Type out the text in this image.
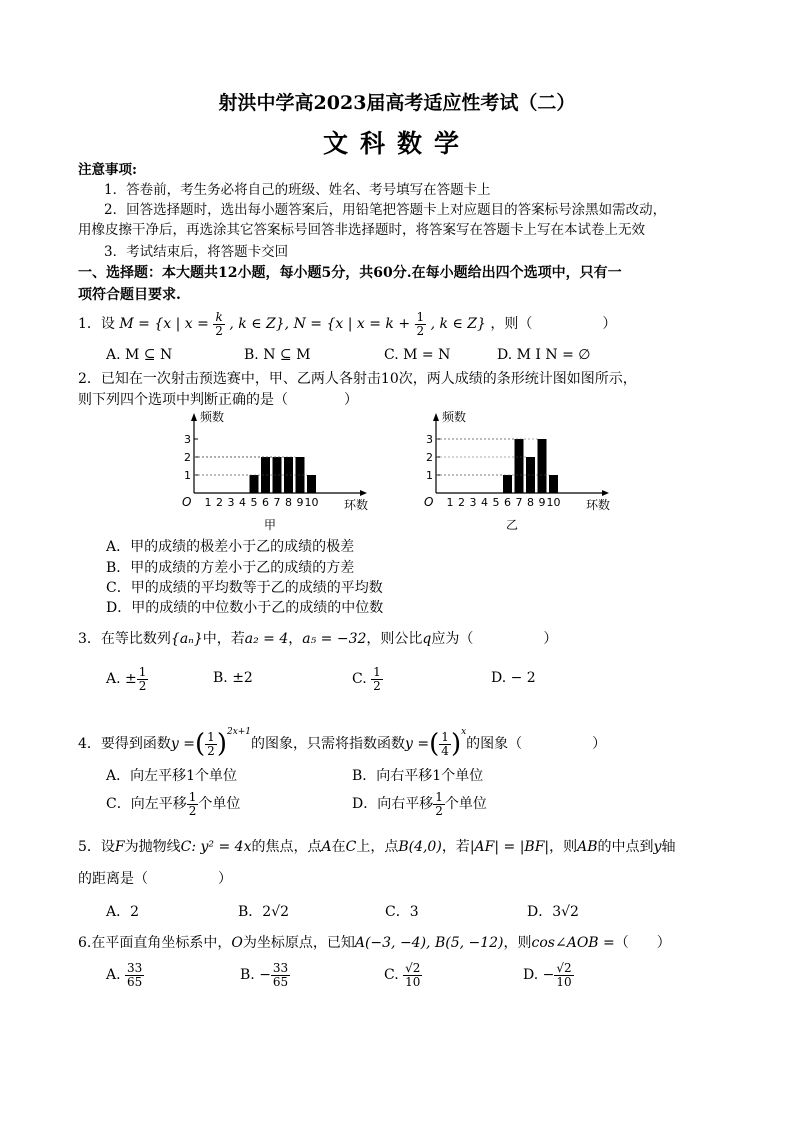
射洪中学高2023届高考适应性考试（二）
文科数学
注意事项:
1．答卷前，考生务必将自己的班级、姓名、考号填写在答题卡上
2．回答选择题时，选出每小题答案后，用铅笔把答题卡上对应题目的答案标号涂黑如需改动，
用橡皮擦干净后，再选涂其它答案标号回答非选择题时，将答案写在答题卡上写在本试卷上无效
3．考试结束后，将答题卡交回
一、选择题：本大题共12小题，每小题5分，共60分.在每小题给出四个选项中，只有一
项符合题目要求.
1．设 M = {x | $x = \frac{k}{2}$ , k ∈ Z}, N = {x | $x = k + \frac{1}{2}$ , k ∈ Z} ，则（　　　　　）
A. M ⊆ N	B. N ⊆ M	C. M = N	D. M I N = ∅
2．已知在一次射击预选赛中，甲、乙两人各射击10次，两人成绩的条形统计图如图所示，
则下列四个选项中判断正确的是（　　　　）
频数
环数
O
甲
1
2
3
1 2 3 4 5 6 7 8 9 10
频数
环数
O
乙
1
2
3
1 2 3 4 5 6 7 8 9 10
A．甲的成绩的极差小于乙的成绩的极差
B．甲的成绩的方差小于乙的成绩的方差
C．甲的成绩的平均数等于乙的成绩的平均数
D．甲的成绩的中位数小于乙的成绩的中位数
3．在等比数列{aₙ}中，若a₂ = 4，a₅ = −32，则公比q应为（　　　　　）
A. ± $\frac{1}{2}$	B. ±2	C. $\frac{1}{2}$	D. − 2
4．要得到函数y =( $\frac{1}{2} )^{2x+1}$的图象，只需将指数函数y =( $\frac{1}{4} )^x$的图象（　　　　　）
A．向左平移1个单位	B．向右平移1个单位
C．向左平移 $\frac{1}{2}$ 个单位	D．向右平移 $\frac{1}{2}$ 个单位
5．设F为抛物线C: y² = 4x的焦点，点A在C上，点B(4,0)，若|AF| = |BF|，则AB的中点到y轴
的距离是（　　　　　）
A．2	B．2√2	C．3	D．3√2
6.在平面直角坐标系中，O为坐标原点，已知A(−3, −4), B(5, −12)，则cos∠AOB =（　　）
A. $\frac{33}{65}$	B. − $\frac{33}{65}$	C. $\frac{√2}{10}$	D. − $\frac{√2}{10}$
